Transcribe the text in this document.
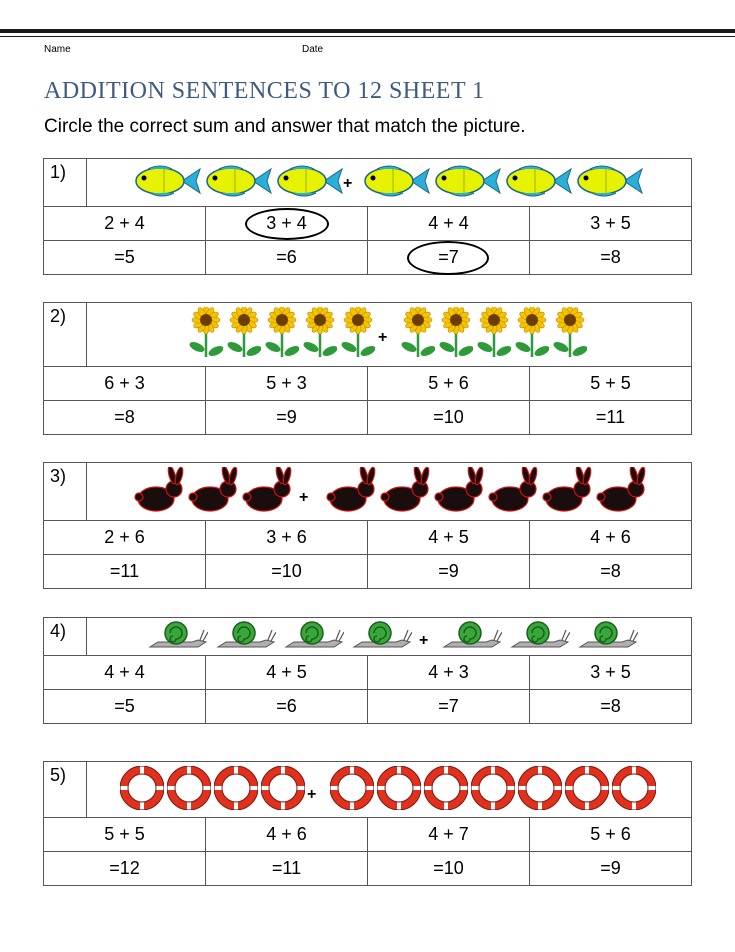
Name	Date
ADDITION SENTENCES TO 12 SHEET 1

Circle the correct sum and answer that match the picture.

1)	+			

2 + 4		3 + 4	4 + 4	3 + 5
=5		=6	=7	=8
2)	+			

6 + 3		5 + 3	5 + 6	5 + 5
=8		=9	=10	=11
3)	+			

2 + 6		3 + 6	4 + 5	4 + 6
=11		=10	=9	=8
4)	+			

4 + 4		4 + 5	4 + 3	3 + 5
=5		=6	=7	=8
5)	+			

5 + 5		4 + 6	4 + 7	5 + 6
=12		=11	=10	=9
